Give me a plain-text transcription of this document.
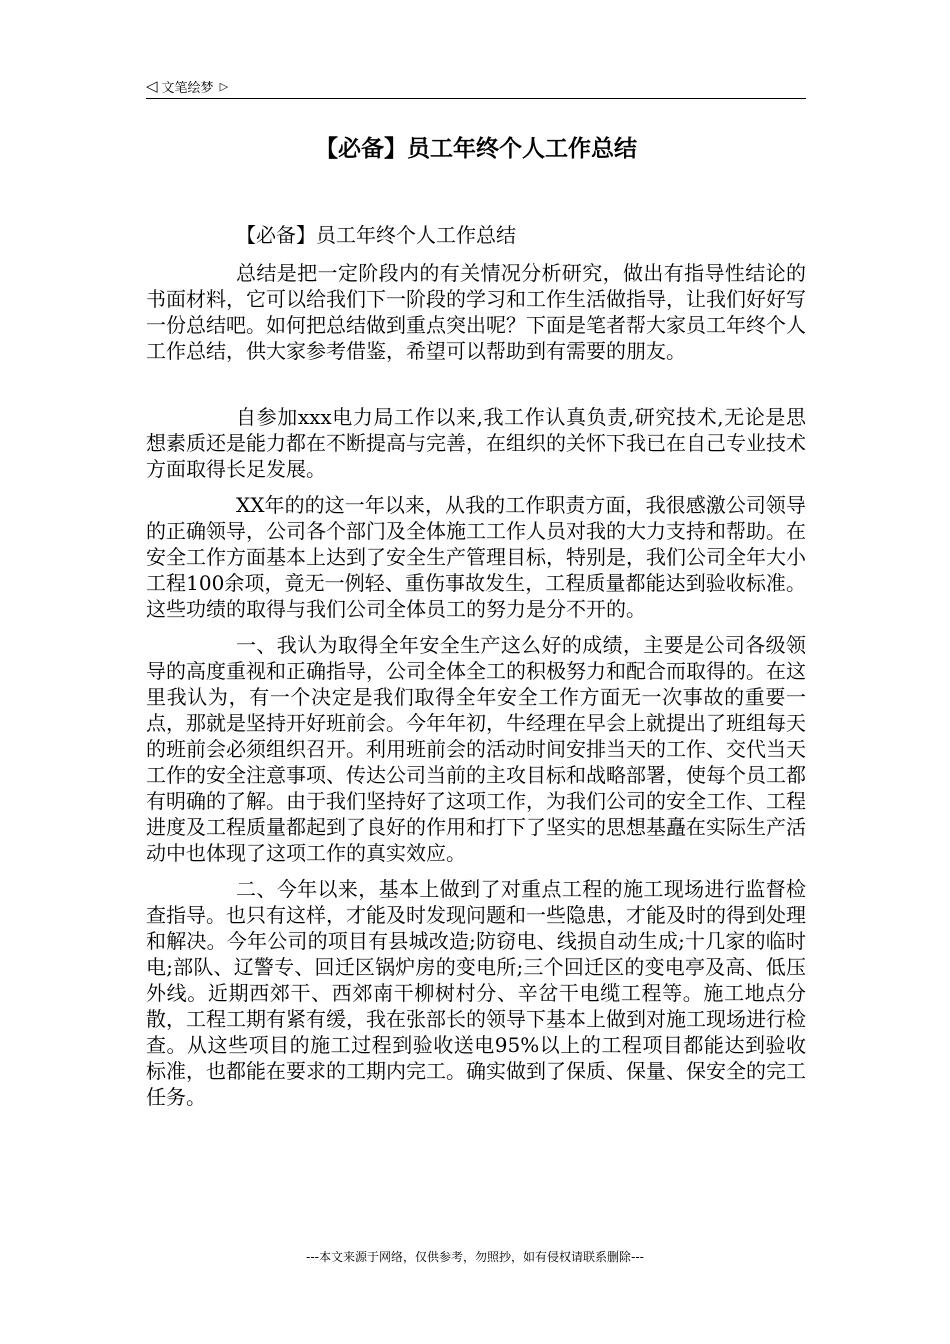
◁ 文笔绘梦 ▷
【必备】员工年终个人工作总结

【必备】员工年终个人工作总结

总结是把一定阶段内的有关情况分析研究，做出有指导性结论的书面材料，它可以给我们下一阶段的学习和工作生活做指导，让我们好好写一份总结吧。如何把总结做到重点突出呢？下面是笔者帮大家员工年终个人工作总结，供大家参考借鉴，希望可以帮助到有需要的朋友。

自参加xxx电力局工作以来,我工作认真负责,研究技术,无论是思想素质还是能力都在不断提高与完善，在组织的关怀下我已在自己专业技术方面取得长足发展。

XX年的的这一年以来，从我的工作职责方面，我很感激公司领导的正确领导，公司各个部门及全体施工工作人员对我的大力支持和帮助。在安全工作方面基本上达到了安全生产管理目标，特别是，我们公司全年大小工程100余项，竟无一例轻、重伤事故发生，工程质量都能达到验收标准。这些功绩的取得与我们公司全体员工的努力是分不开的。

一、我认为取得全年安全生产这么好的成绩，主要是公司各级领导的高度重视和正确指导，公司全体全工的积极努力和配合而取得的。在这里我认为，有一个决定是我们取得全年安全工作方面无一次事故的重要一点，那就是坚持开好班前会。今年年初，牛经理在早会上就提出了班组每天的班前会必须组织召开。利用班前会的活动时间安排当天的工作、交代当天工作的安全注意事项、传达公司当前的主攻目标和战略部署，使每个员工都有明确的了解。由于我们坚持好了这项工作，为我们公司的安全工作、工程进度及工程质量都起到了良好的作用和打下了坚实的思想基矗在实际生产活动中也体现了这项工作的真实效应。

二、今年以来，基本上做到了对重点工程的施工现场进行监督检查指导。也只有这样，才能及时发现问题和一些隐患，才能及时的得到处理和解决。今年公司的项目有县城改造;防窃电、线损自动生成;十几家的临时电;部队、辽警专、回迁区锅炉房的变电所;三个回迁区的变电亭及高、低压外线。近期西郊干、西郊南干柳树村分、辛岔干电缆工程等。施工地点分散，工程工期有紧有缓，我在张部长的领导下基本上做到对施工现场进行检查。从这些项目的施工过程到验收送电95%以上的工程项目都能达到验收标准，也都能在要求的工期内完工。确实做到了保质、保量、保安全的完工任务。

---本文来源于网络，仅供参考，勿照抄，如有侵权请联系删除---
